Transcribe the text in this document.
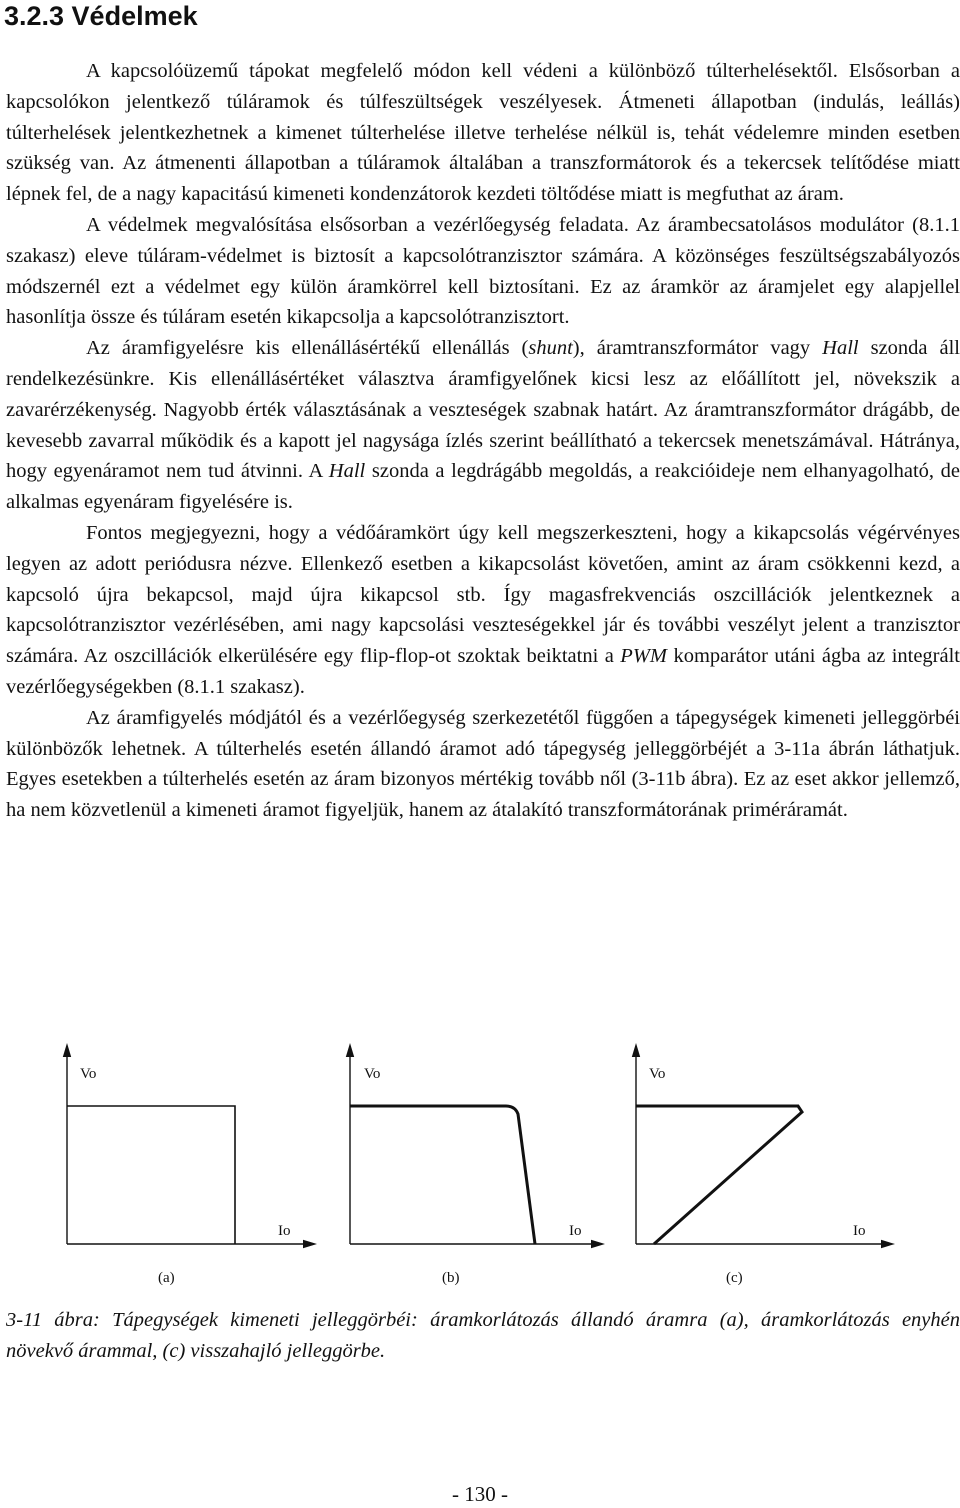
3.2.3 Védelmek

A kapcsolóüzemű tápokat megfelelő módon kell védeni a különböző túlterhelésektől. Elsősorban a kapcsolókon jelentkező túláramok és túlfeszültségek veszélyesek. Átmeneti állapotban (indulás, leállás) túlterhelések jelentkezhetnek a kimenet túlterhelése illetve terhelése nélkül is, tehát védelemre minden esetben szükség van. Az átmenenti állapotban a túláramok általában a transzformátorok és a tekercsek telítődése miatt lépnek fel, de a nagy kapacitású kimeneti kondenzátorok kezdeti töltődése miatt is megfuthat az áram.

A védelmek megvalósítása elsősorban a vezérlőegység feladata. Az árambecsatolásos modulátor (8.1.1 szakasz) eleve túláram-védelmet is biztosít a kapcsolótranzisztor számára. A közönséges feszültségszabályozós módszernél ezt a védelmet egy külön áramkörrel kell biztosítani. Ez az áramkör az áramjelet egy alapjellel hasonlítja össze és túláram esetén kikapcsolja a kapcsolótranzisztort.

Az áramfigyelésre kis ellenállásértékű ellenállás (shunt), áramtranszformátor vagy Hall szonda áll rendelkezésünkre. Kis ellenállásértéket választva áramfigyelőnek kicsi lesz az előállított jel, növekszik a zavarérzékenység. Nagyobb érték választásának a veszteségek szabnak határt. Az áramtranszformátor drágább, de kevesebb zavarral működik és a kapott jel nagysága ízlés szerint beállítható a tekercsek menetszámával. Hátránya, hogy egyenáramot nem tud átvinni. A Hall szonda a legdrágább megoldás, a reakcióideje nem elhanyagolható, de alkalmas egyenáram figyelésére is.

Fontos megjegyezni, hogy a védőáramkört úgy kell megszerkeszteni, hogy a kikapcsolás végérvényes legyen az adott periódusra nézve. Ellenkező esetben a kikapcsolást követően, amint az áram csökkenni kezd, a kapcsoló újra bekapcsol, majd újra kikapcsol stb. Így magasfrekvenciás oszcillációk jelentkeznek a kapcsolótranzisztor vezérlésében, ami nagy kapcsolási veszteségekkel jár és további veszélyt jelent a tranzisztor számára. Az oszcillációk elkerülésére egy flip-flop-ot szoktak beiktatni a PWM komparátor utáni ágba az integrált vezérlőegységekben (8.1.1 szakasz).

Az áramfigyelés módjától és a vezérlőegység szerkezetétől függően a tápegységek kimeneti jelleggörbéi különbözők lehetnek. A túlterhelés esetén állandó áramot adó tápegység jelleggörbéjét a 3-11a ábrán láthatjuk. Egyes esetekben a túlterhelés esetén az áram bizonyos mértékig tovább nől (3-11b ábra). Ez az eset akkor jellemző, ha nem közvetlenül a kimeneti áramot figyeljük, hanem az átalakító transzformátorának priméráramát.

Vo
Io
(a)
Vo
Io
(b)
Vo
Io
(c)

3-11 ábra: Tápegységek kimeneti jelleggörbéi: áramkorlátozás állandó áramra (a), áramkorlátozás enyhén növekvő árammal, (c) visszahajló jelleggörbe.

- 130 -
